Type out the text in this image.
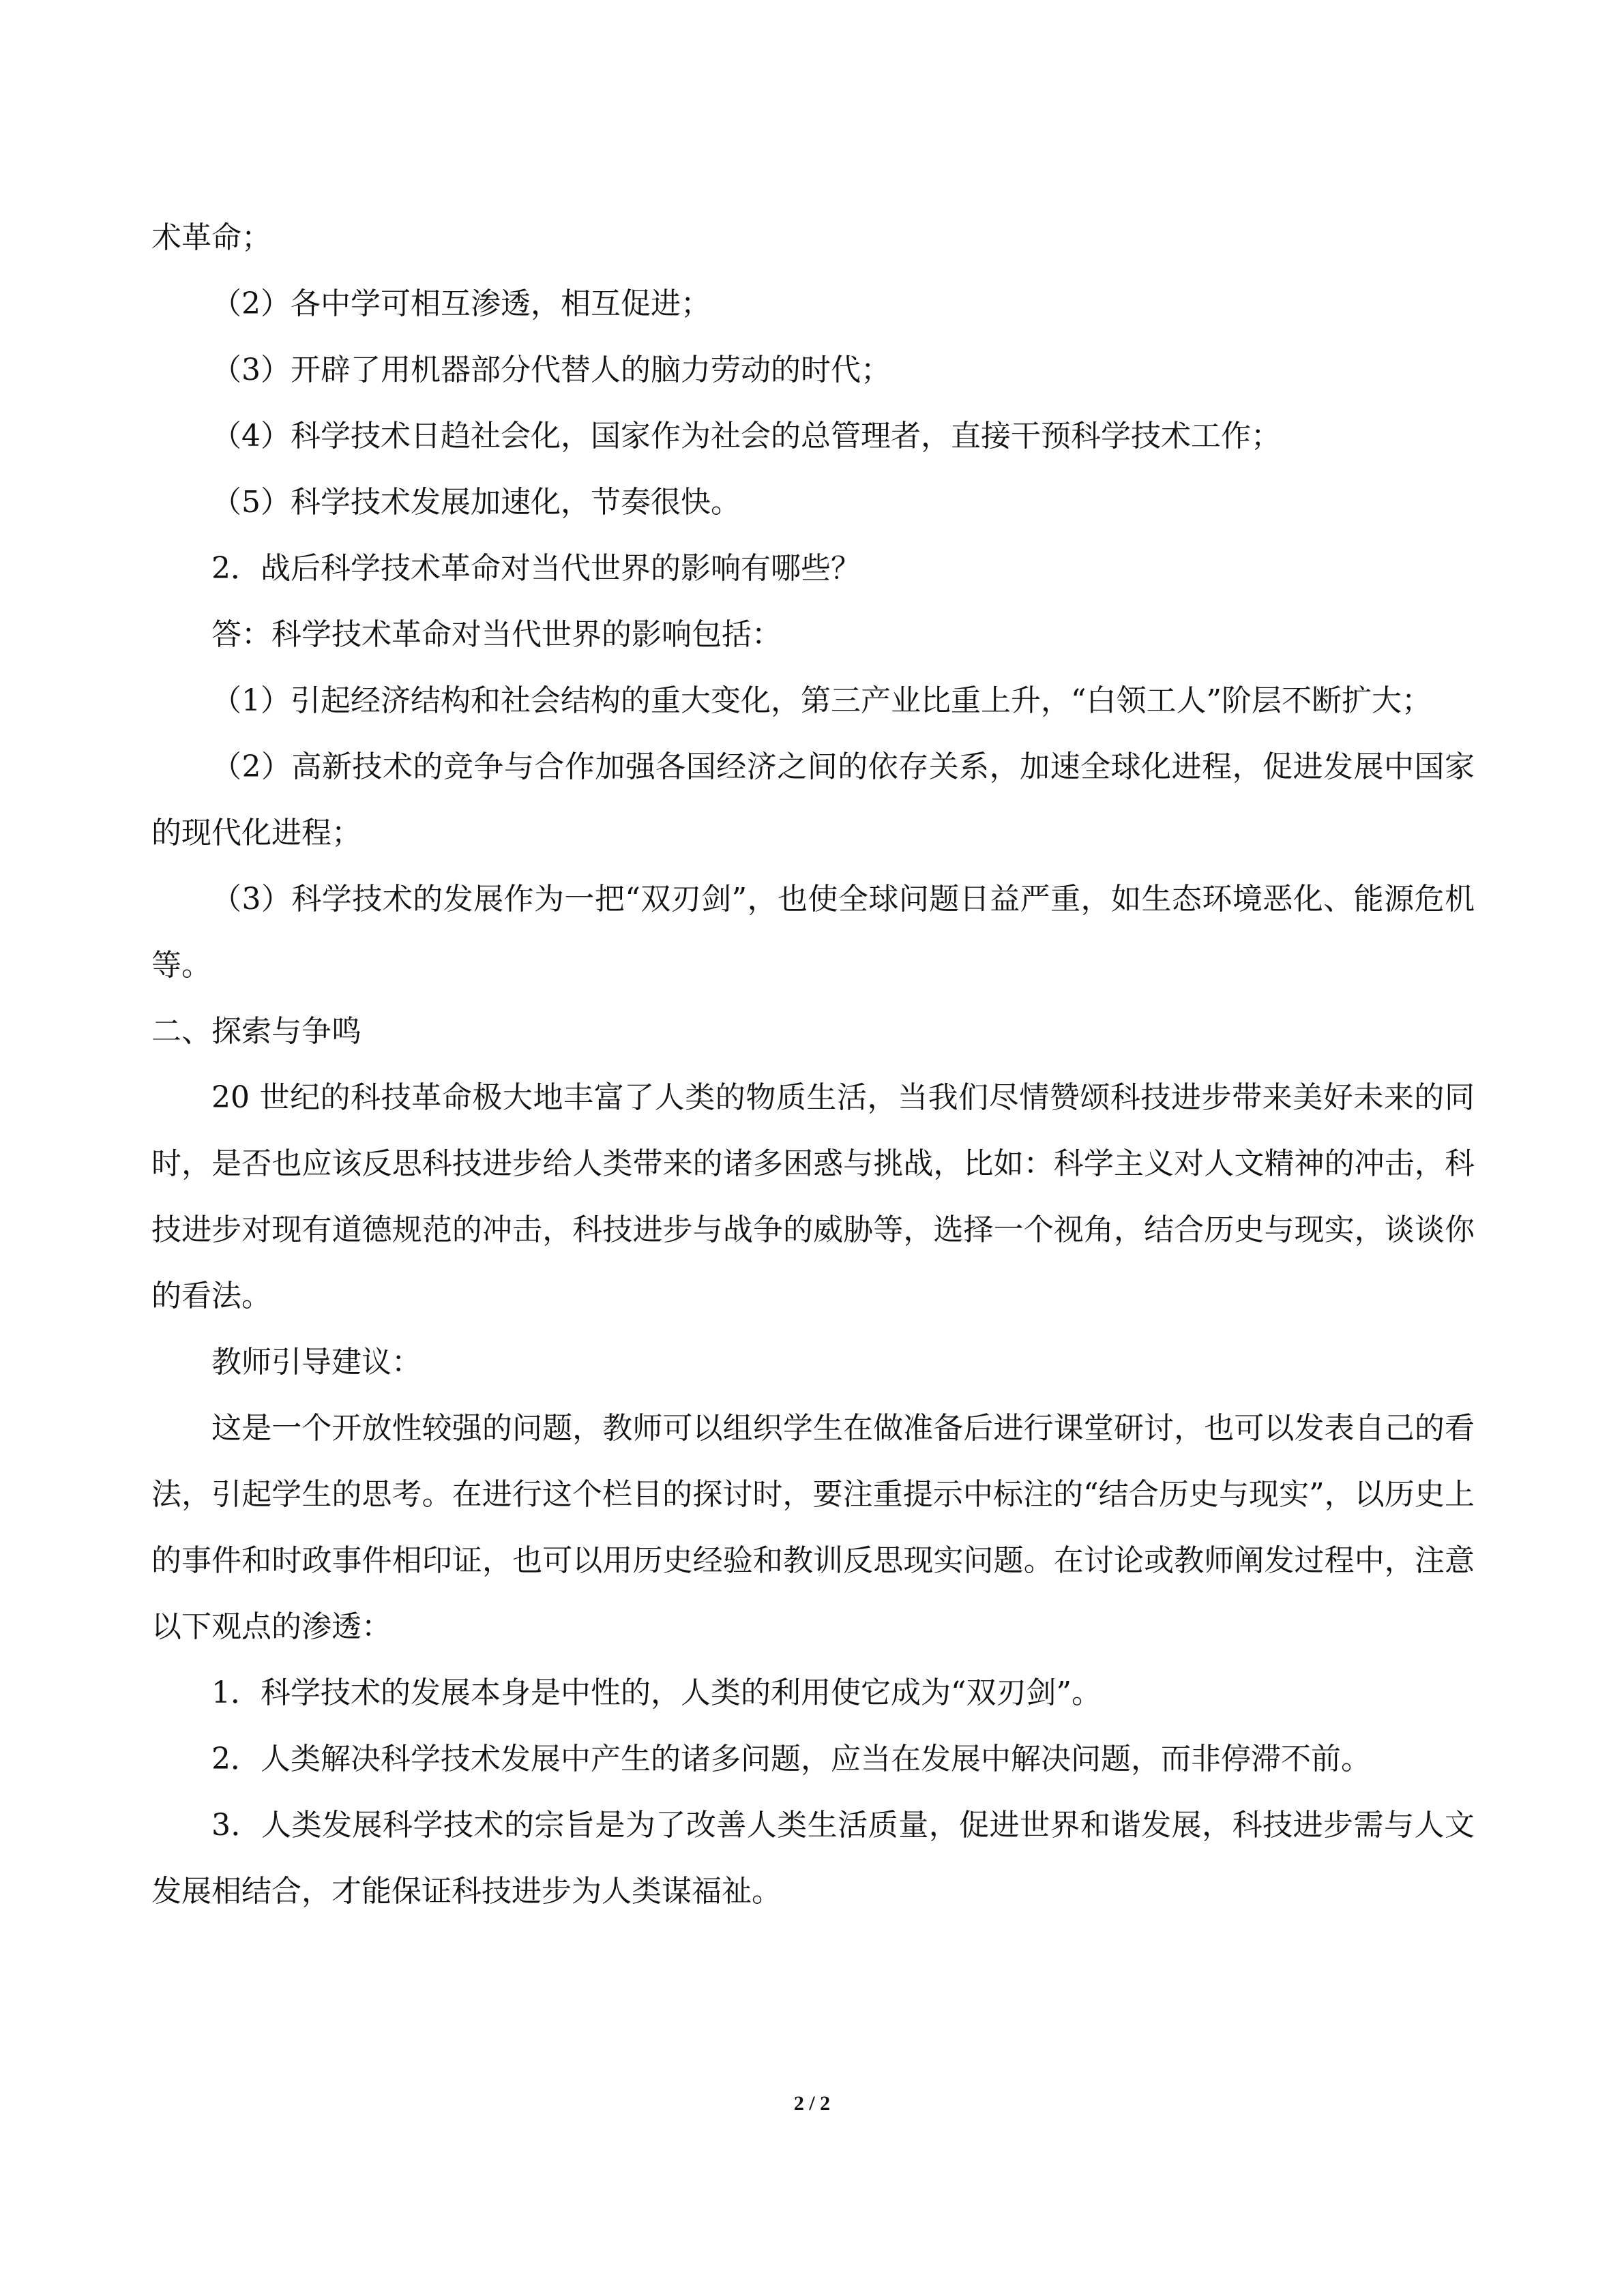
术革命；

（2）各中学可相互渗透，相互促进；

（3）开辟了用机器部分代替人的脑力劳动的时代；

（4）科学技术日趋社会化，国家作为社会的总管理者，直接干预科学技术工作；

（5）科学技术发展加速化，节奏很快。

2．战后科学技术革命对当代世界的影响有哪些？

答：科学技术革命对当代世界的影响包括：

（1）引起经济结构和社会结构的重大变化，第三产业比重上升，“白领工人”阶层不断扩大；

（2）高新技术的竞争与合作加强各国经济之间的依存关系，加速全球化进程，促进发展中国家的现代化进程；

（3）科学技术的发展作为一把“双刃剑”，也使全球问题日益严重，如生态环境恶化、能源危机等。

二、探索与争鸣

20 世纪的科技革命极大地丰富了人类的物质生活，当我们尽情赞颂科技进步带来美好未来的同时，是否也应该反思科技进步给人类带来的诸多困惑与挑战，比如：科学主义对人文精神的冲击，科技进步对现有道德规范的冲击，科技进步与战争的威胁等，选择一个视角，结合历史与现实，谈谈你的看法。

教师引导建议：

这是一个开放性较强的问题，教师可以组织学生在做准备后进行课堂研讨，也可以发表自己的看法，引起学生的思考。在进行这个栏目的探讨时，要注重提示中标注的“结合历史与现实”，以历史上的事件和时政事件相印证，也可以用历史经验和教训反思现实问题。在讨论或教师阐发过程中，注意以下观点的渗透：

1．科学技术的发展本身是中性的，人类的利用使它成为“双刃剑”。

2．人类解决科学技术发展中产生的诸多问题，应当在发展中解决问题，而非停滞不前。

3．人类发展科学技术的宗旨是为了改善人类生活质量，促进世界和谐发展，科技进步需与人文发展相结合，才能保证科技进步为人类谋福祉。

2 / 2
